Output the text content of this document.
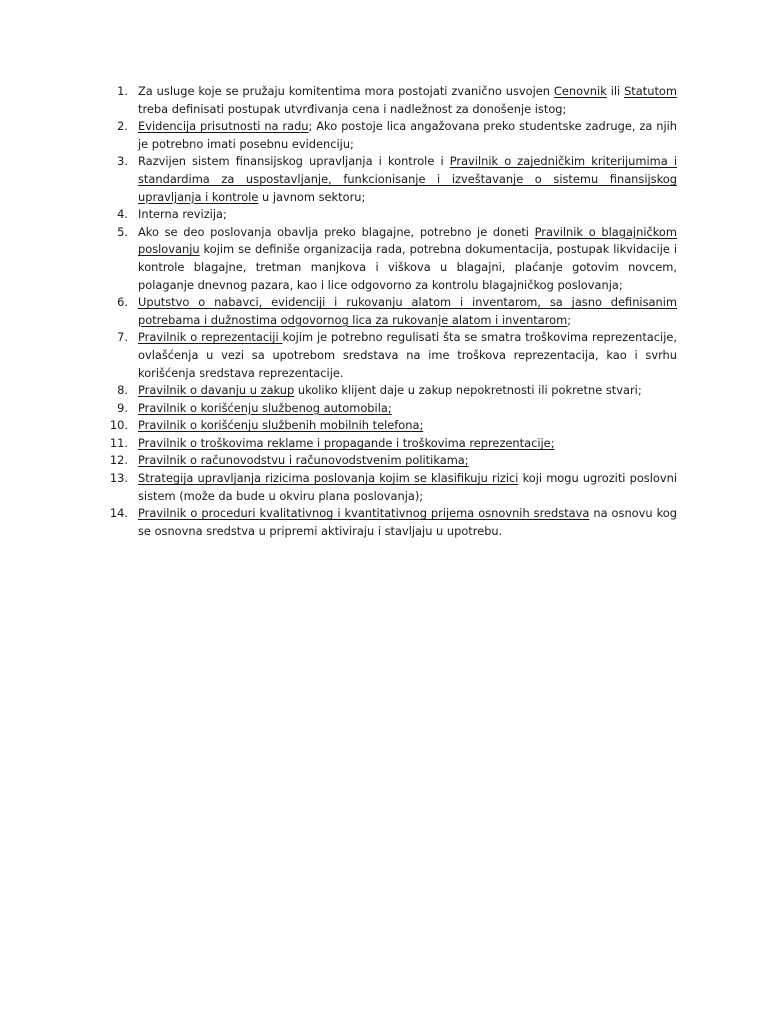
1. Za usluge koje se pružaju komitentima mora postojati zvanično usvojen Cenovnik ili Statutom treba definisati postupak utvrđivanja cena i nadležnost za donošenje istog;
2. Evidencija prisutnosti na radu; Ako postoje lica angažovana preko studentske zadruge, za njih je potrebno imati posebnu evidenciju;
3. Razvijen sistem finansijskog upravljanja i kontrole i Pravilnik o zajedničkim kriterijumima i standardima za uspostavljanje, funkcionisanje i izveštavanje o sistemu finansijskog upravljanja i kontrole u javnom sektoru;
4. Interna revizija;
5. Ako se deo poslovanja obavlja preko blagajne, potrebno je doneti Pravilnik o blagajničkom poslovanju kojim se definiše organizacija rada, potrebna dokumentacija, postupak likvidacije i kontrole blagajne, tretman manjkova i viškova u blagajni, plaćanje gotovim novcem, polaganje dnevnog pazara, kao i lice odgovorno za kontrolu blagajničkog poslovanja;
6. Uputstvo o nabavci, evidenciji i rukovanju alatom i inventarom, sa jasno definisanim potrebama i dužnostima odgovornog lica za rukovanje alatom i inventarom;
7. Pravilnik o reprezentaciji kojim je potrebno regulisati šta se smatra troškovima reprezentacije, ovlašćenja u vezi sa upotrebom sredstava na ime troškova reprezentacija, kao i svrhu korišćenja sredstava reprezentacije.
8. Pravilnik o davanju u zakup ukoliko klijent daje u zakup nepokretnosti ili pokretne stvari;
9. Pravilnik o korišćenju službenog automobila;
10. Pravilnik o korišćenju službenih mobilnih telefona;
11. Pravilnik o troškovima reklame i propagande i troškovima reprezentacije;
12. Pravilnik o računovodstvu i računovodstvenim politikama;
13. Strategija upravljanja rizicima poslovanja kojim se klasifikuju rizici koji mogu ugroziti poslovni sistem (može da bude u okviru plana poslovanja);
14. Pravilnik o proceduri kvalitativnog i kvantitativnog prijema osnovnih sredstava na osnovu kog se osnovna sredstva u pripremi aktiviraju i stavljaju u upotrebu.
